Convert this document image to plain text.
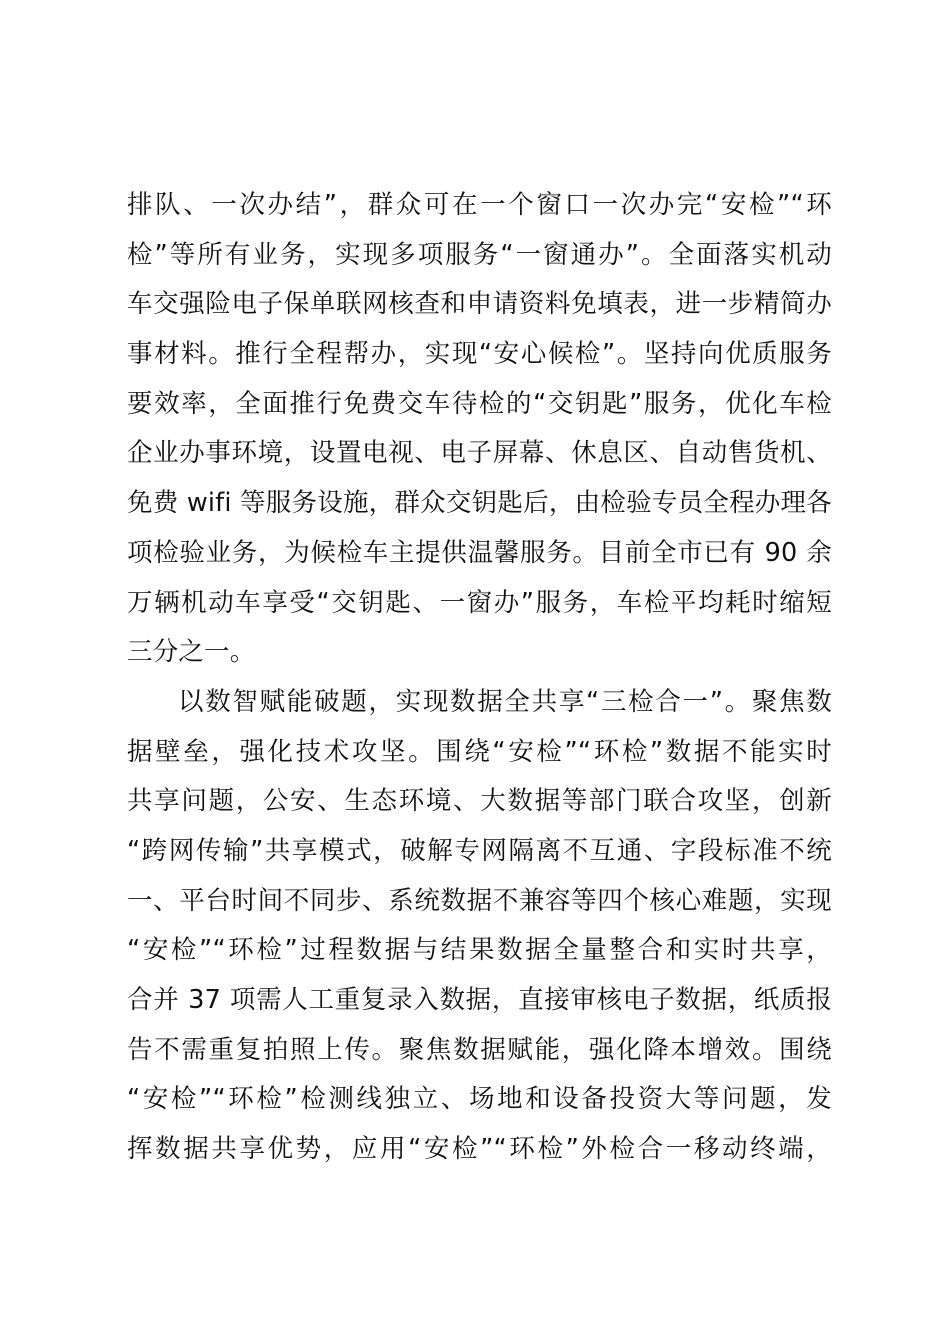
排队、一次办结”，群众可在一个窗口一次办完“安检”“环
检”等所有业务，实现多项服务“一窗通办”。全面落实机动
车交强险电子保单联网核查和申请资料免填表，进一步精简办
事材料。推行全程帮办，实现“安心候检”。坚持向优质服务
要效率，全面推行免费交车待检的“交钥匙”服务，优化车检
企业办事环境，设置电视、电子屏幕、休息区、自动售货机、
免费 wifi 等服务设施，群众交钥匙后，由检验专员全程办理各
项检验业务，为候检车主提供温馨服务。目前全市已有 90 余
万辆机动车享受“交钥匙、一窗办”服务，车检平均耗时缩短
三分之一。
以数智赋能破题，实现数据全共享“三检合一”。聚焦数
据壁垒，强化技术攻坚。围绕“安检”“环检”数据不能实时
共享问题，公安、生态环境、大数据等部门联合攻坚，创新
“跨网传输”共享模式，破解专网隔离不互通、字段标准不统
一、平台时间不同步、系统数据不兼容等四个核心难题，实现
“安检”“环检”过程数据与结果数据全量整合和实时共享，
合并 37 项需人工重复录入数据，直接审核电子数据，纸质报
告不需重复拍照上传。聚焦数据赋能，强化降本增效。围绕
“安检”“环检”检测线独立、场地和设备投资大等问题，发
挥数据共享优势，应用“安检”“环检”外检合一移动终端，
